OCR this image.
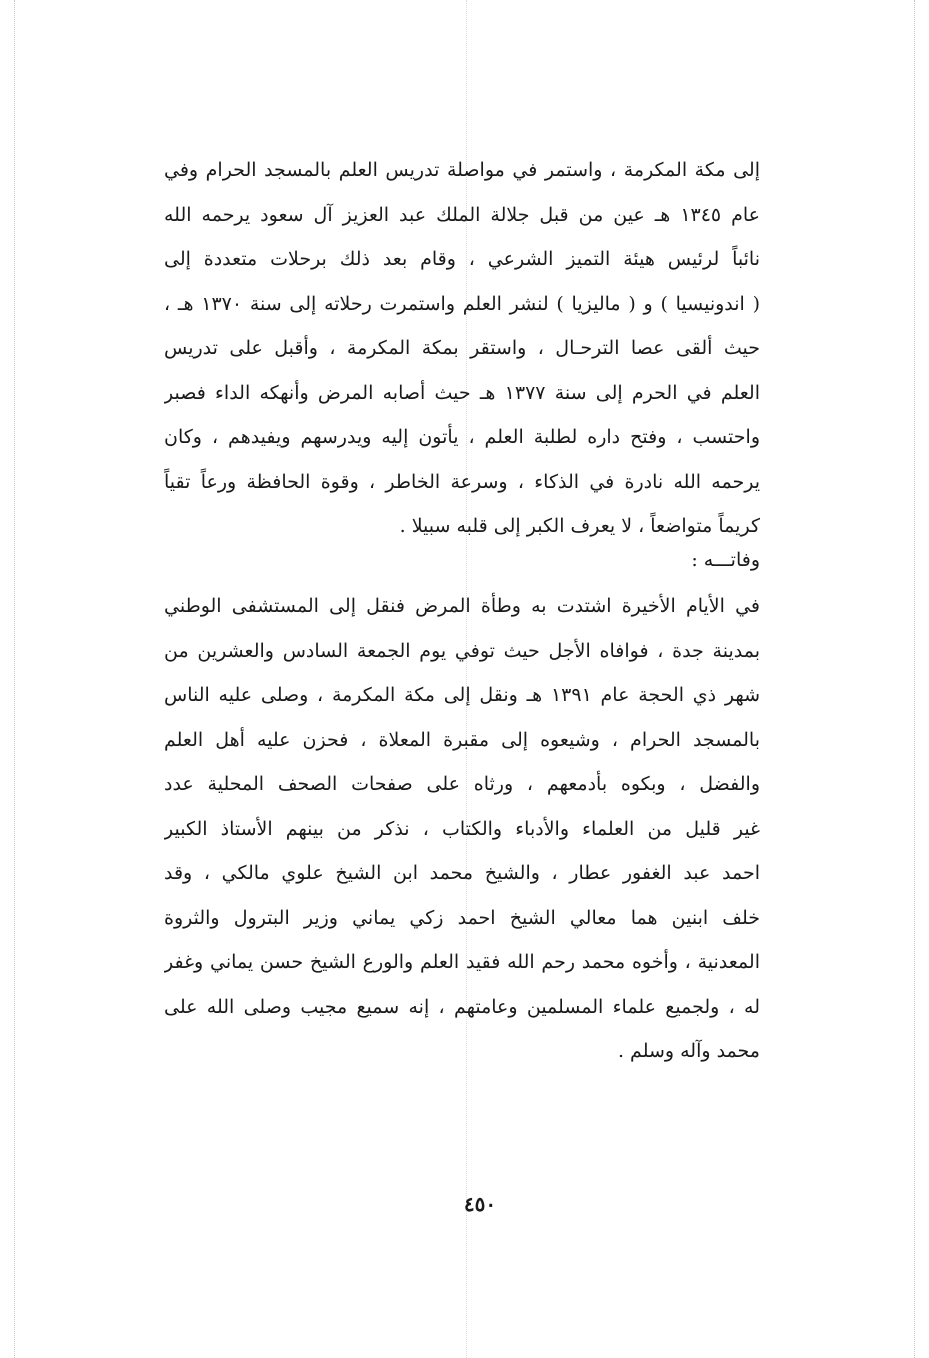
إلى مكة المكرمة ، واستمر في مواصلة تدريس العلم بالمسجد الحرام وفي
عام ١٣٤٥ هـ عين من قبل جلالة الملك عبد العزيز آل سعود يرحمه الله
نائباً لرئيس هيئة التميز الشرعي ، وقام بعد ذلك برحلات متعددة إلى
( اندونيسيا ) و ( ماليزيا ) لنشر العلم واستمرت رحلاته إلى سنة ١٣٧٠ هـ ،
حيث ألقى عصا الترحـال ، واستقر بمكة المكرمة ، وأقبل على تدريس
العلم في الحرم إلى سنة ١٣٧٧ هـ حيث أصابه المرض وأنهكه الداء فصبر
واحتسب ، وفتح داره لطلبة العلم ، يأتون إليه ويدرسهم ويفيدهم ، وكان
يرحمه الله نادرة في الذكاء ، وسرعة الخاطر ، وقوة الحافظة ورعاً تقياً
كريماً متواضعاً ، لا يعرف الكبر إلى قلبه سبيلا .
وفاتـــه :
في الأيام الأخيرة اشتدت به وطأة المرض فنقل إلى المستشفى الوطني
بمدينة جدة ، فوافاه الأجل حيث توفي يوم الجمعة السادس والعشرين من
شهر ذي الحجة عام ١٣٩١ هـ ونقل إلى مكة المكرمة ، وصلى عليه الناس
بالمسجد الحرام ، وشيعوه إلى مقبرة المعلاة ، فحزن عليه أهل العلم
والفضل ، وبكوه بأدمعهم ، ورثاه على صفحات الصحف المحلية عدد
غير قليل من العلماء والأدباء والكتاب ، نذكر من بينهم الأستاذ الكبير
احمد عبد الغفور عطار ، والشيخ محمد ابن الشيخ علوي مالكي ، وقد
خلف ابنين هما معالي الشيخ احمد زكي يماني وزير البترول والثروة
المعدنية ، وأخوه محمد رحم الله فقيد العلم والورع الشيخ حسن يماني وغفر
له ، ولجميع علماء المسلمين وعامتهم ، إنه سميع مجيب وصلى الله على
محمد وآله وسلم .
٤٥٠
